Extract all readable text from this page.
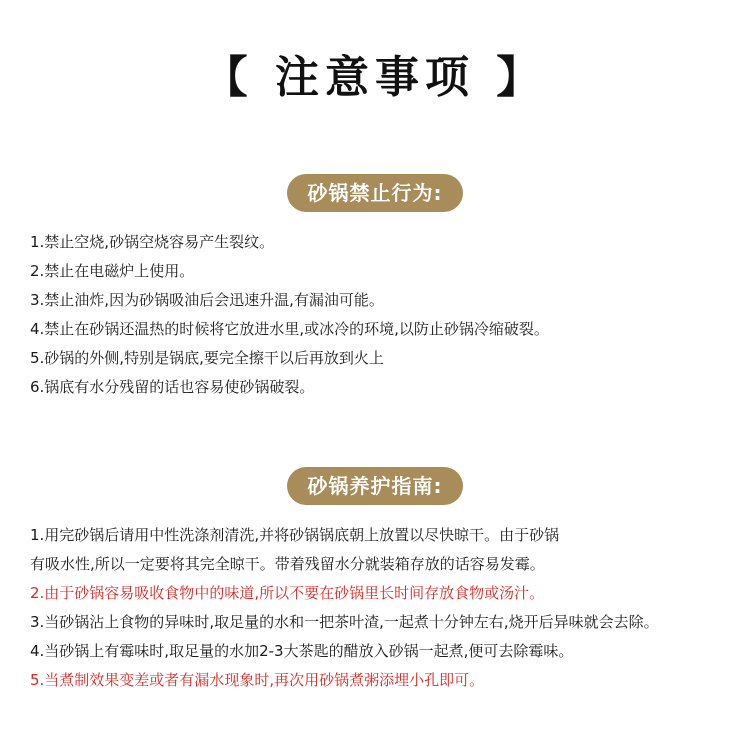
【 注意事项 】
砂锅禁止行为:
1.禁止空烧,砂锅空烧容易产生裂纹。
2.禁止在电磁炉上使用。
3.禁止油炸,因为砂锅吸油后会迅速升温,有漏油可能。
4.禁止在砂锅还温热的时候将它放进水里,或冰冷的环境,以防止砂锅冷缩破裂。
5.砂锅的外侧,特别是锅底,要完全擦干以后再放到火上
6.锅底有水分残留的话也容易使砂锅破裂。
砂锅养护指南:
1.用完砂锅后请用中性洗涤剂清洗,并将砂锅锅底朝上放置以尽快晾干。由于砂锅
有吸水性,所以一定要将其完全晾干。带着残留水分就装箱存放的话容易发霉。
2.由于砂锅容易吸收食物中的味道,所以不要在砂锅里长时间存放食物或汤汁。
3.当砂锅沾上食物的异味时,取足量的水和一把茶叶渣,一起煮十分钟左右,烧开后异味就会去除。
4.当砂锅上有霉味时,取足量的水加2-3大茶匙的醋放入砂锅一起煮,便可去除霉味。
5.当煮制效果变差或者有漏水现象时,再次用砂锅煮粥添埋小孔即可。
